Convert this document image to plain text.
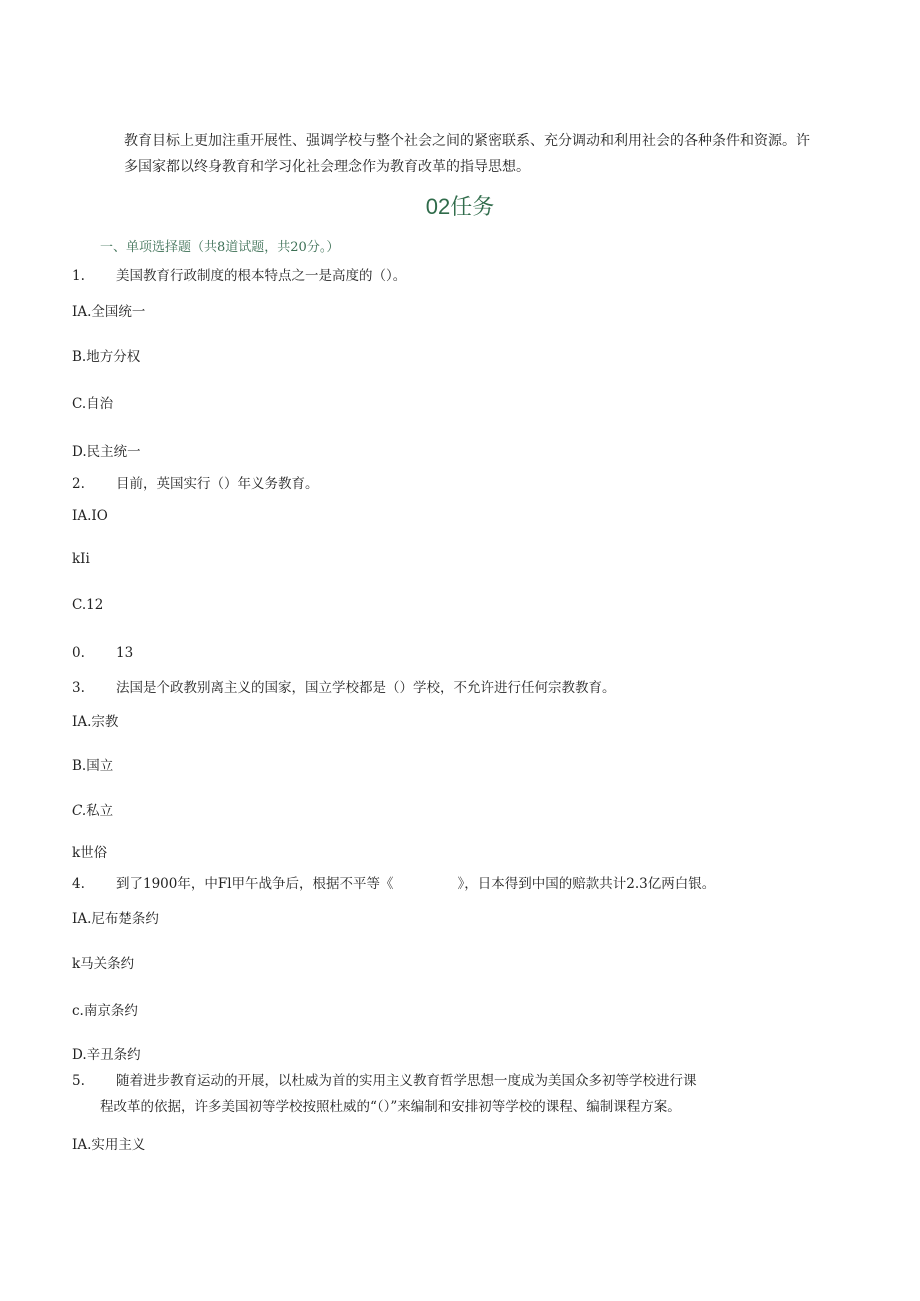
教育目标上更加注重开展性、强调学校与整个社会之间的紧密联系、充分调动和利用社会的各种条件和资源。许

多国家都以终身教育和学习化社会理念作为教育改革的指导思想。

02任务
一、单项选择题（共8道试题，共20分。）
1. 美国教育行政制度的根本特点之一是高度的（）。
IA.全国统一
B.地方分权
C.自治
D.民主统一
2. 目前，英国实行（）年义务教育。
IA.IO
kIi
C.12
0. 13
3. 法国是个政教别离主义的国家，国立学校都是（）学校，不允许进行任何宗教教育。
IA.宗教
B.国立
C.私立
k世俗
4. 到了1900年，中Fl甲午战争后，根据不平等《	》，日本得到中国的赔款共计2.3亿两白银。
IA.尼布楚条约
k马关条约
c.南京条约
D.辛丑条约
5. 随着进步教育运动的开展，以杜威为首的实用主义教育哲学思想一度成为美国众多初等学校进行课
程改革的依据，许多美国初等学校按照杜威的“（）”来编制和安排初等学校的课程、编制课程方案。
IA.实用主义
